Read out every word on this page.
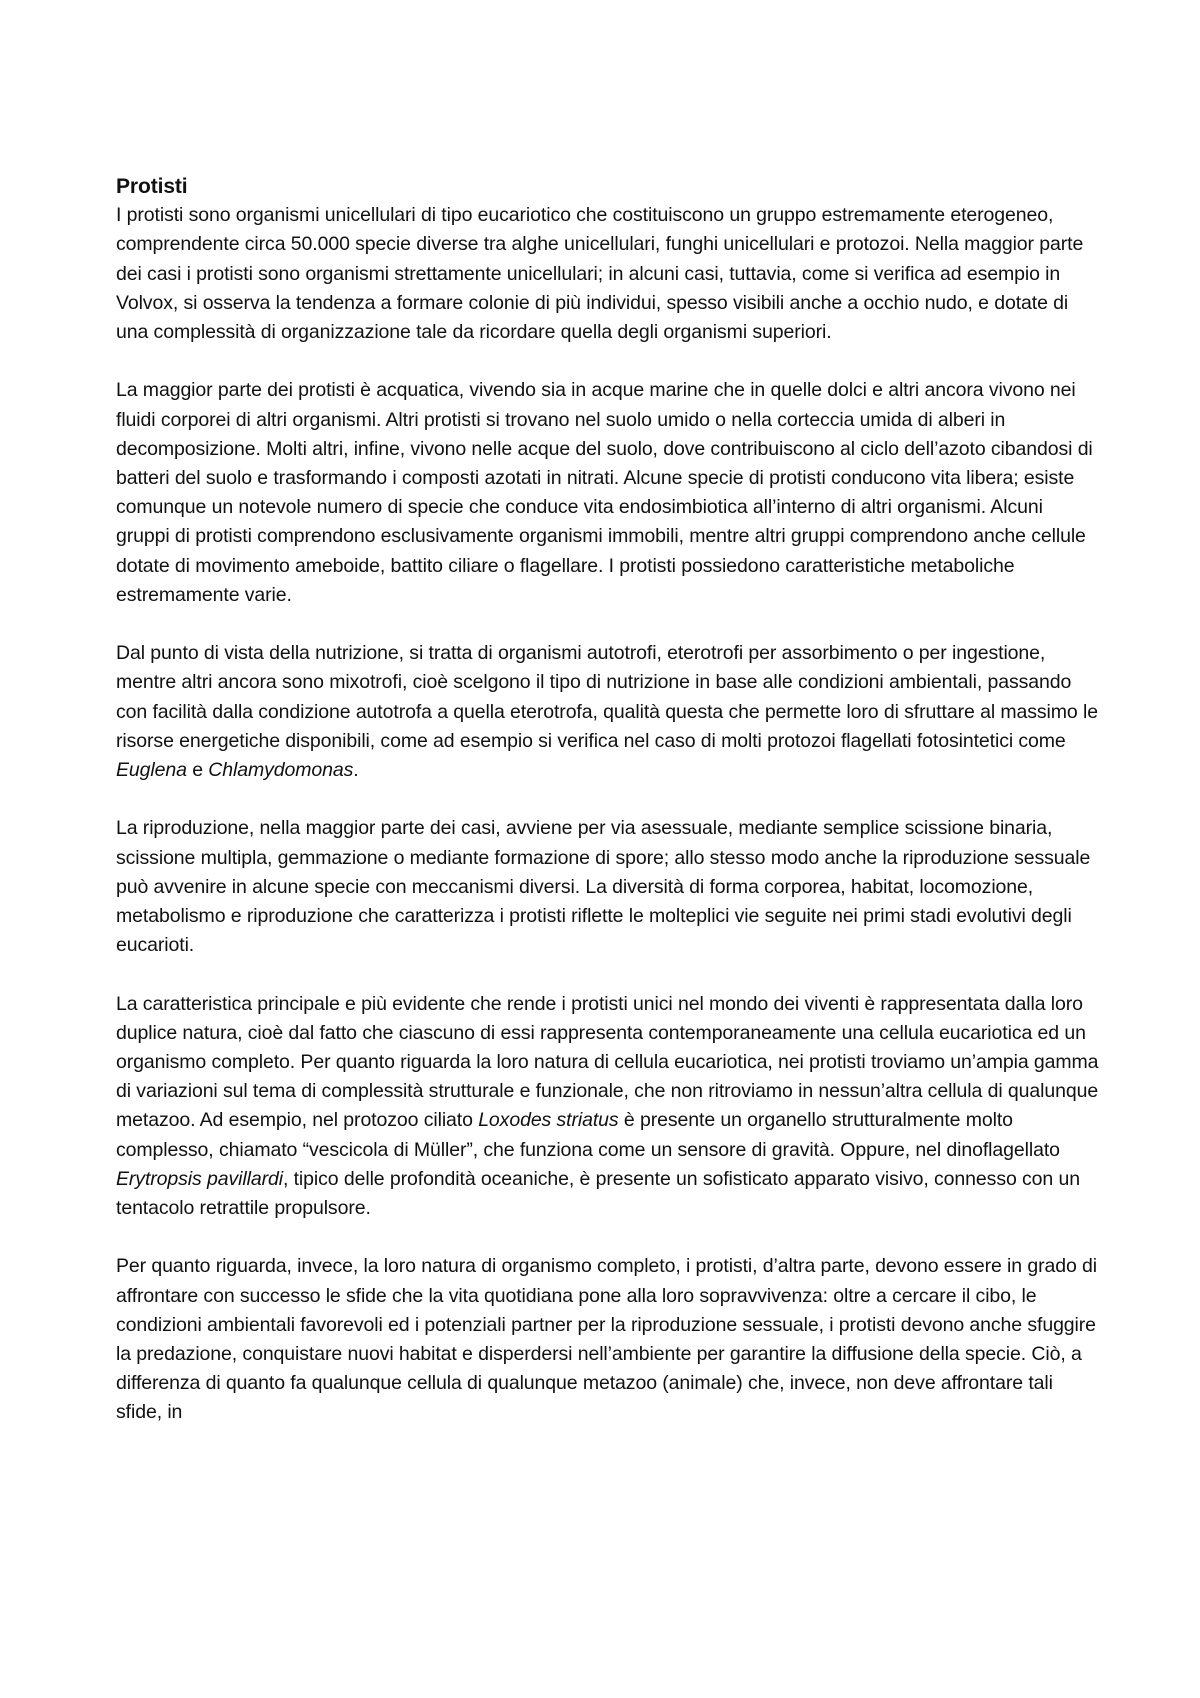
Protisti

I protisti sono organismi unicellulari di tipo eucariotico che costituiscono un gruppo estremamente eterogeneo, comprendente circa 50.000 specie diverse tra alghe unicellulari, funghi unicellulari e protozoi. Nella maggior parte dei casi i protisti sono organismi strettamente unicellulari; in alcuni casi, tuttavia, come si verifica ad esempio in Volvox, si osserva la tendenza a formare colonie di più individui, spesso visibili anche a occhio nudo, e dotate di una complessità di organizzazione tale da ricordare quella degli organismi superiori.

La maggior parte dei protisti è acquatica, vivendo sia in acque marine che in quelle dolci e altri ancora vivono nei fluidi corporei di altri organismi. Altri protisti si trovano nel suolo umido o nella corteccia umida di alberi in decomposizione. Molti altri, infine, vivono nelle acque del suolo, dove contribuiscono al ciclo dell’azoto cibandosi di batteri del suolo e trasformando i composti azotati in nitrati. Alcune specie di protisti conducono vita libera; esiste comunque un notevole numero di specie che conduce vita endosimbiotica all’interno di altri organismi. Alcuni gruppi di protisti comprendono esclusivamente organismi immobili, mentre altri gruppi comprendono anche cellule dotate di movimento ameboide, battito ciliare o flagellare. I protisti possiedono caratteristiche metaboliche estremamente varie.

Dal punto di vista della nutrizione, si tratta di organismi autotrofi, eterotrofi per assorbimento o per ingestione, mentre altri ancora sono mixotrofi, cioè scelgono il tipo di nutrizione in base alle condizioni ambientali, passando con facilità dalla condizione autotrofa a quella eterotrofa, qualità questa che permette loro di sfruttare al massimo le risorse energetiche disponibili, come ad esempio si verifica nel caso di molti protozoi flagellati fotosintetici come Euglena e Chlamydomonas.

La riproduzione, nella maggior parte dei casi, avviene per via asessuale, mediante semplice scissione binaria, scissione multipla, gemmazione o mediante formazione di spore; allo stesso modo anche la riproduzione sessuale può avvenire in alcune specie con meccanismi diversi. La diversità di forma corporea, habitat, locomozione, metabolismo e riproduzione che caratterizza i protisti riflette le molteplici vie seguite nei primi stadi evolutivi degli eucarioti.

La caratteristica principale e più evidente che rende i protisti unici nel mondo dei viventi è rappresentata dalla loro duplice natura, cioè dal fatto che ciascuno di essi rappresenta contemporaneamente una cellula eucariotica ed un organismo completo. Per quanto riguarda la loro natura di cellula eucariotica, nei protisti troviamo un’ampia gamma di variazioni sul tema di complessità strutturale e funzionale, che non ritroviamo in nessun’altra cellula di qualunque metazoo. Ad esempio, nel protozoo ciliato Loxodes striatus è presente un organello strutturalmente molto complesso, chiamato “vescicola di Müller”, che funziona come un sensore di gravità. Oppure, nel dinoflagellato Erytropsis pavillardi, tipico delle profondità oceaniche, è presente un sofisticato apparato visivo, connesso con un tentacolo retrattile propulsore.

Per quanto riguarda, invece, la loro natura di organismo completo, i protisti, d’altra parte, devono essere in grado di affrontare con successo le sfide che la vita quotidiana pone alla loro sopravvivenza: oltre a cercare il cibo, le condizioni ambientali favorevoli ed i potenziali partner per la riproduzione sessuale, i protisti devono anche sfuggire la predazione, conquistare nuovi habitat e disperdersi nell’ambiente per garantire la diffusione della specie. Ciò, a differenza di quanto fa qualunque cellula di qualunque metazoo (animale) che, invece, non deve affrontare tali sfide, in
